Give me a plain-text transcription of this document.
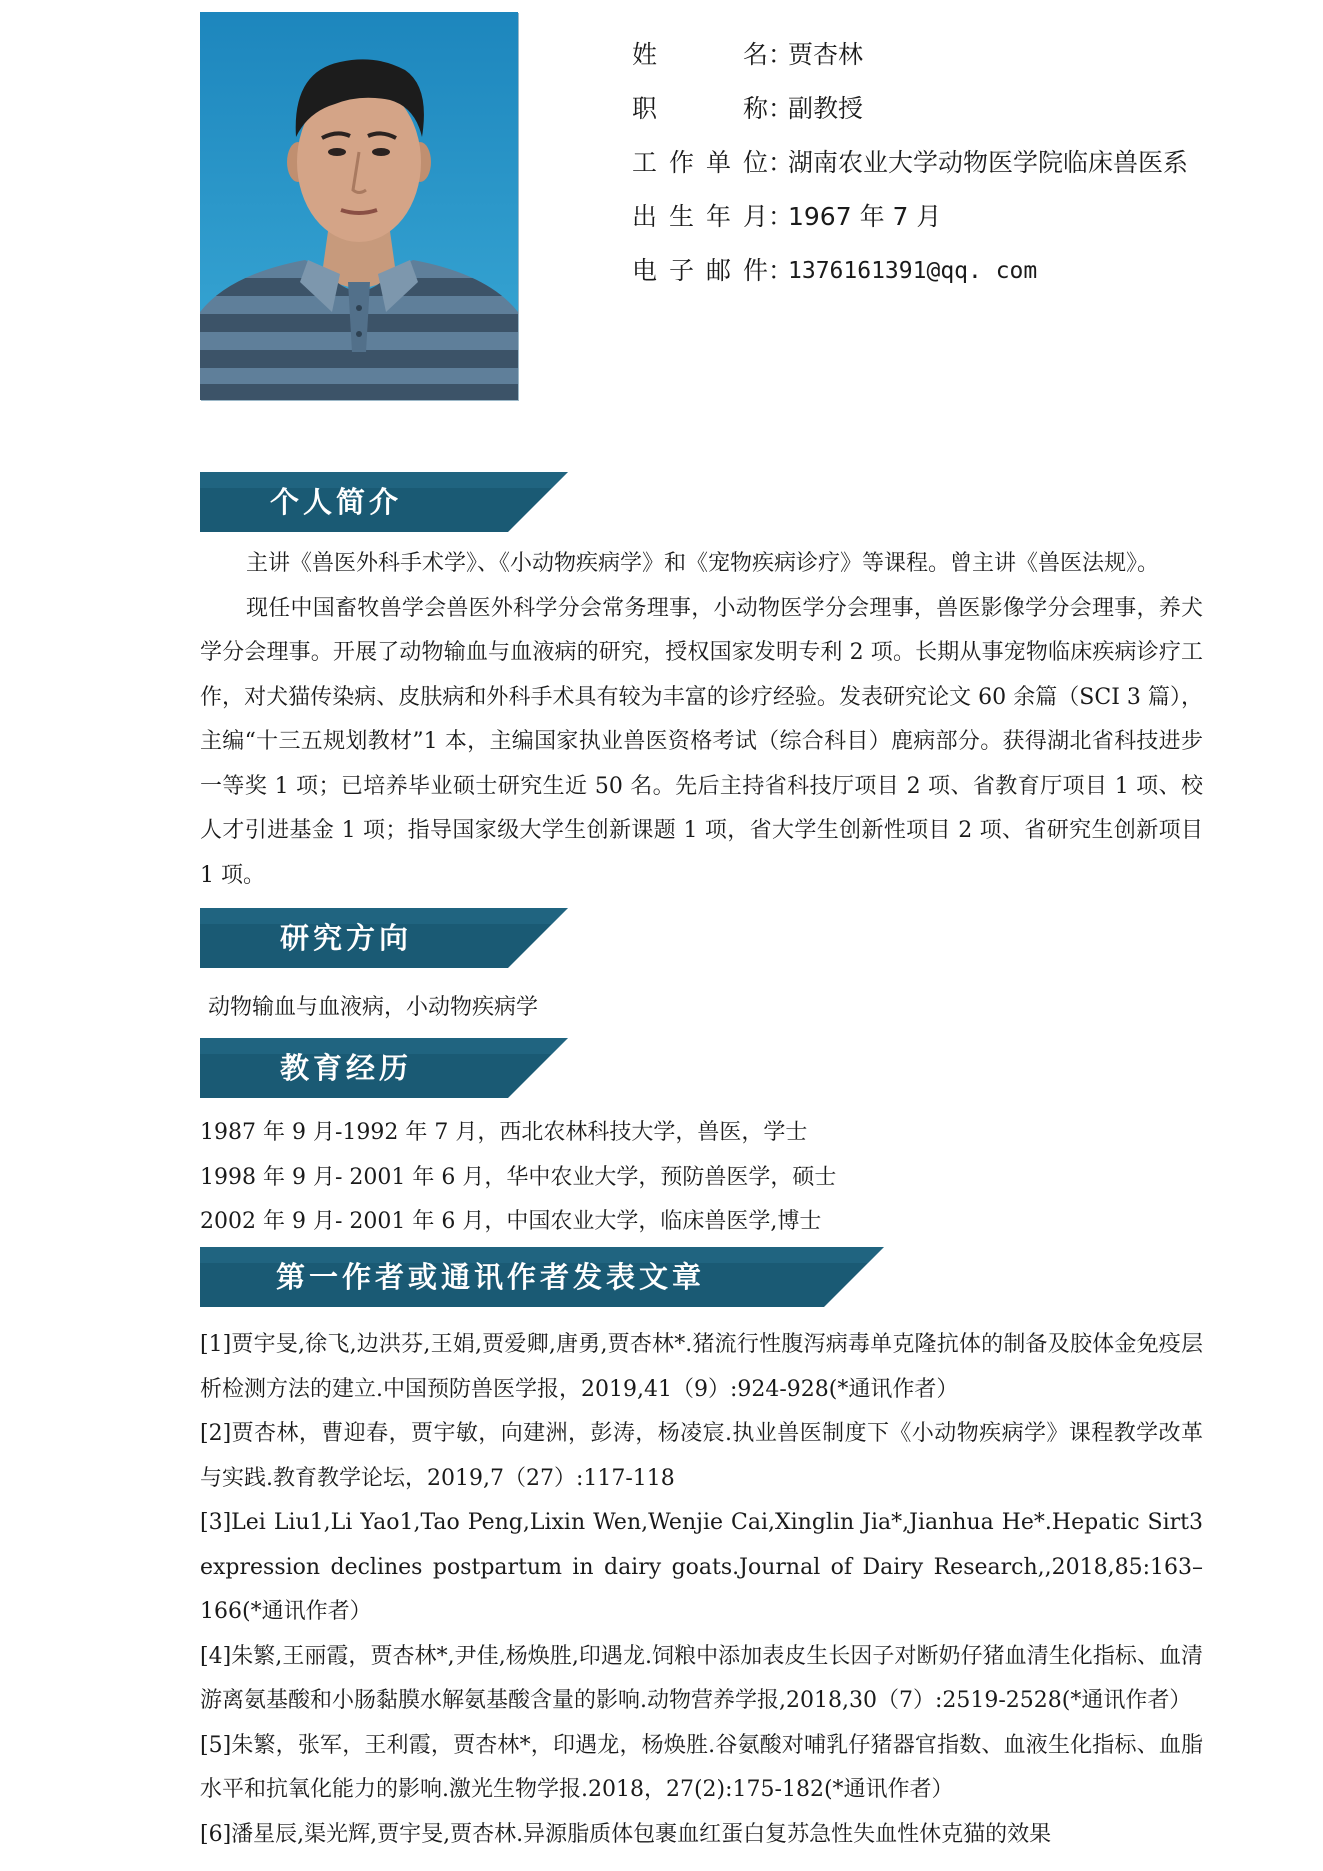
姓 名 ：
贾杏林
职 称 ：
副教授
工作单位 ：
湖南农业大学动物医学院临床兽医系
出生年月 ：
1967 年 7 月
电子邮件 ：
1376161391@qq. com
个人简介

主讲《兽医外科手术学》、《小动物疾病学》和《宠物疾病诊疗》等课程。曾主讲《兽医法规》。

现任中国畜牧兽学会兽医外科学分会常务理事，小动物医学分会理事，兽医影像学分会理事，养犬学分会理事。开展了动物输血与血液病的研究，授权国家发明专利 2 项。长期从事宠物临床疾病诊疗工作，对犬猫传染病、皮肤病和外科手术具有较为丰富的诊疗经验。发表研究论文 60 余篇（SCI 3 篇），主编“十三五规划教材”1 本，主编国家执业兽医资格考试（综合科目）鹿病部分。获得湖北省科技进步一等奖 1 项；已培养毕业硕士研究生近 50 名。先后主持省科技厅项目 2 项、省教育厅项目 1 项、校人才引进基金 1 项；指导国家级大学生创新课题 1 项，省大学生创新性项目 2 项、省研究生创新项目 1 项。

研究方向
动物输血与血液病，小动物疾病学
教育经历
1987 年 9 月-1992 年 7 月，西北农林科技大学，兽医，学士
1998 年 9 月- 2001 年 6 月，华中农业大学，预防兽医学，硕士
2002 年 9 月- 2001 年 6 月，中国农业大学，临床兽医学,博士
第一作者或通讯作者发表文章

[1]贾宇旻,徐飞,边洪芬,王娟,贾爱卿,唐勇,贾杏林*.猪流行性腹泻病毒单克隆抗体的制备及胶体金免疫层析检测方法的建立.中国预防兽医学报，2019,41（9）:924-928(*通讯作者）

[2]贾杏林，曹迎春，贾宇敏，向建洲，彭涛，杨凌宸.执业兽医制度下《小动物疾病学》课程教学改革与实践.教育教学论坛，2019,7（27）:117-118

[3]Lei Liu1,Li Yao1,Tao Peng,Lixin Wen,Wenjie Cai,Xinglin Jia*,Jianhua He*.Hepatic Sirt3 expression declines postpartum in dairy goats.Journal of Dairy Research,,2018,85:163–166(*通讯作者）

[4]朱繁,王丽霞，贾杏林*,尹佳,杨焕胜,印遇龙.饲粮中添加表皮生长因子对断奶仔猪血清生化指标、血清游离氨基酸和小肠黏膜水解氨基酸含量的影响.动物营养学报,2018,30（7）:2519-2528(*通讯作者）

[5]朱繁，张军，王利霞，贾杏林*，印遇龙，杨焕胜.谷氨酸对哺乳仔猪器官指数、血液生化指标、血脂水平和抗氧化能力的影响.激光生物学报.2018，27(2):175-182(*通讯作者）

[6]潘星辰,渠光辉,贾宇旻,贾杏林.异源脂质体包裹血红蛋白复苏急性失血性休克猫的效果
